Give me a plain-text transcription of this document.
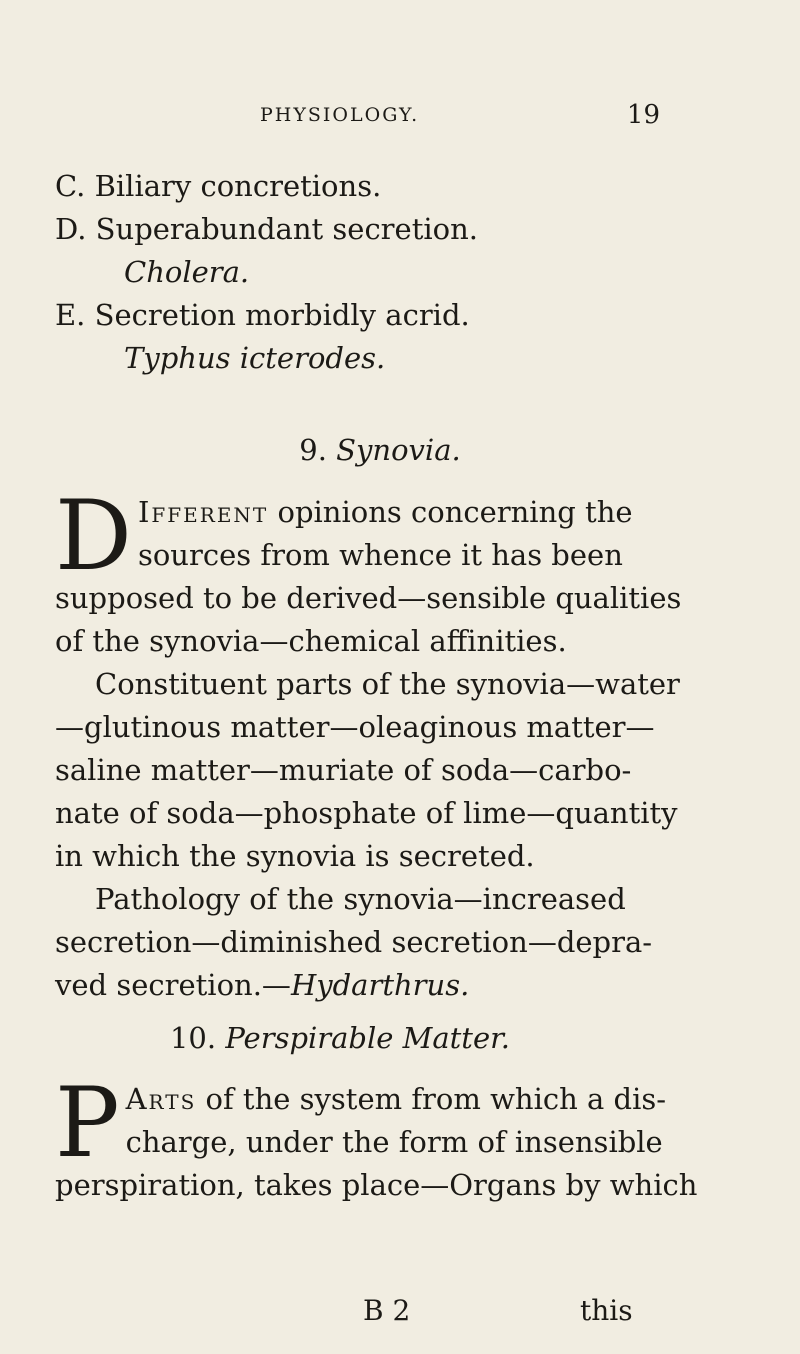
PHYSIOLOGY.	19
C. Biliary concretions.
D. Superabundant secretion.
Cholera.
E. Secretion morbidly acrid.
Typhus icterodes.
9. Synovia.
D Ifferent opinions concerning the
sources from whence it has been
supposed to be derived—sensible qualities
of the synovia—chemical affinities.
Constituent parts of the synovia—water
—glutinous matter—oleaginous matter—
saline matter—muriate of soda—carbo-
nate of soda—phosphate of lime—quantity
in which the synovia is secreted.
Pathology of the synovia—increased
secretion—diminished secretion—depra-
ved secretion.—Hydarthrus.
10. Perspirable Matter.
P Arts of the system from which a dis-
charge, under the form of insensible
perspiration, takes place—Organs by which
B 2	this
